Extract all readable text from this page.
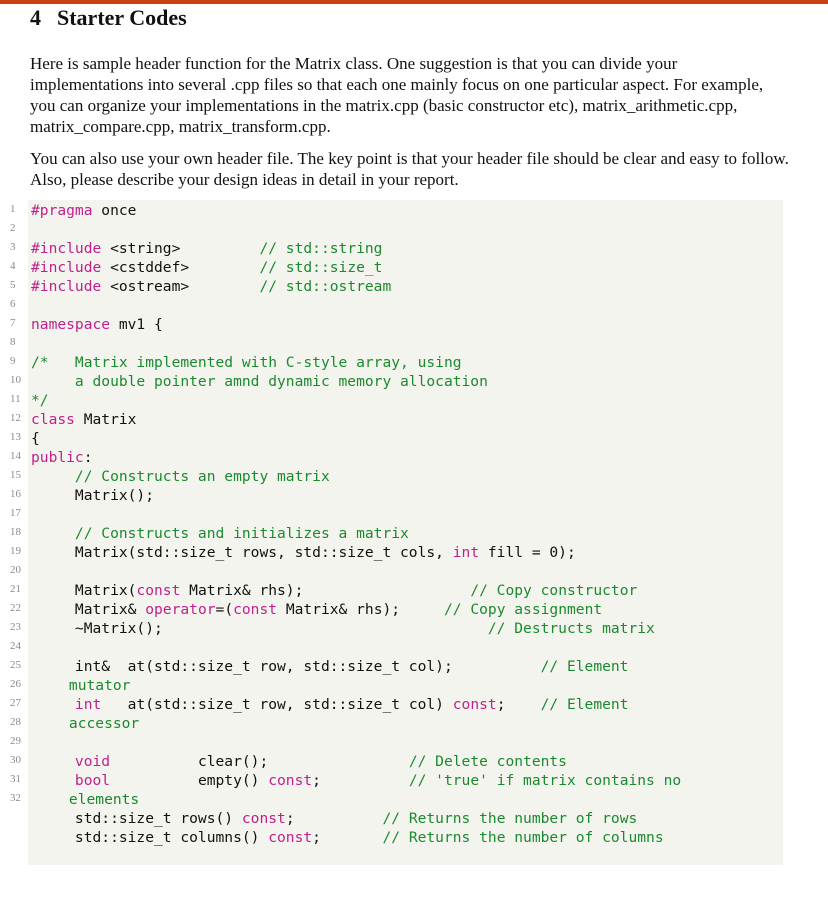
4 Starter Codes

Here is sample header function for the Matrix class. One suggestion is that you can divide your implementations into several .cpp files so that each one mainly focus on one particular aspect. For example, you can organize your implementations in the matrix.cpp (basic constructor etc), matrix_arithmetic.cpp, matrix_compare.cpp, matrix_transform.cpp.

You can also use your own header file. The key point is that your header file should be clear and easy to follow. Also, please describe your design ideas in detail in your report.

1
2
3
4
5
6
7
8
9
10
11
12
13
14
15
16
17
18
19
20
21
22
23
24
25
26
27
28
29
30
31
32
#pragma once
#include <string>         // std::string
#include <cstddef>        // std::size_t
#include <ostream>        // std::ostream
namespace mv1 {
/*   Matrix implemented with C-style array, using
a double pointer amnd dynamic memory allocation
*/
class Matrix
{
public:
// Constructs an empty matrix
Matrix();
// Constructs and initializes a matrix
Matrix(std::size_t rows, std::size_t cols, int fill = 0);
Matrix(const Matrix& rhs);                   // Copy constructor
Matrix& operator=(const Matrix& rhs);     // Copy assignment
~Matrix();                                     // Destructs matrix
int&  at(std::size_t row, std::size_t col);          // Element
mutator
int   at(std::size_t row, std::size_t col) const;    // Element
accessor
void          clear();                // Delete contents
bool          empty() const;          // 'true' if matrix contains no
elements
std::size_t rows() const;          // Returns the number of rows
std::size_t columns() const;       // Returns the number of columns
